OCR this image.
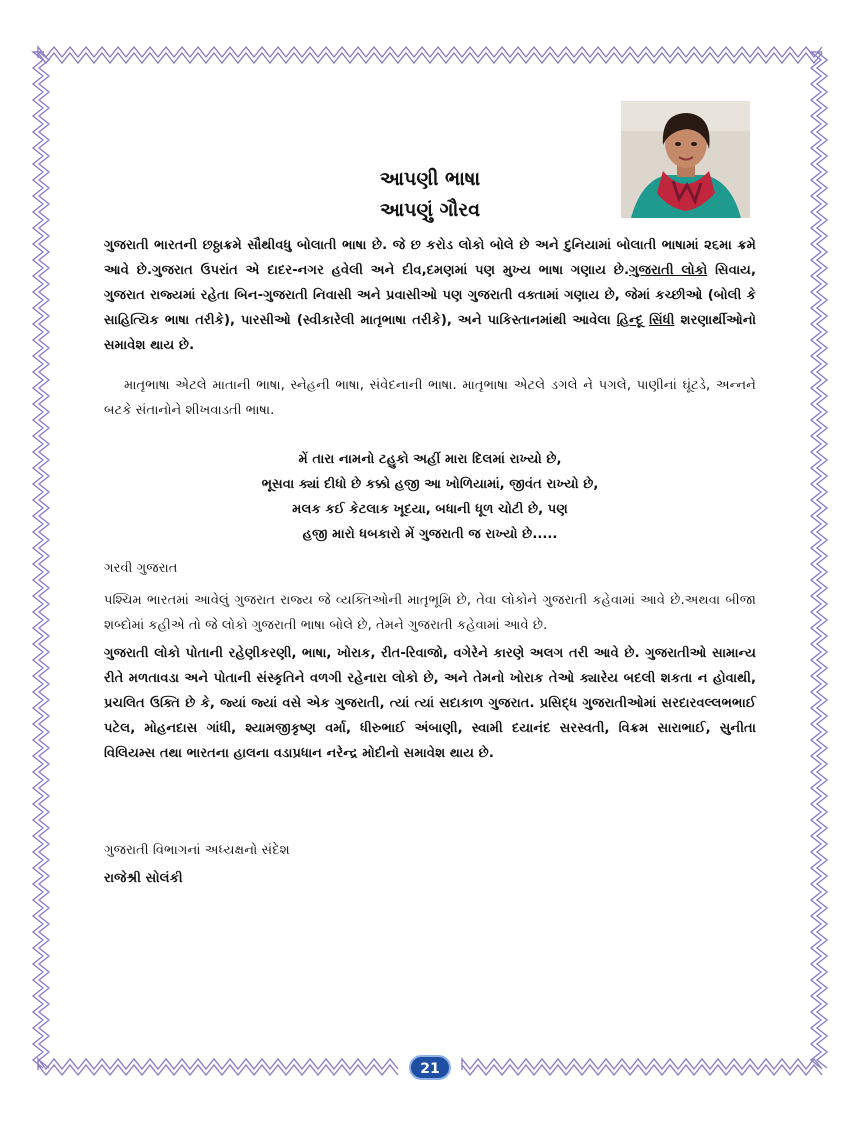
આપણી ભાષા
આપણું ગૌરવ
ગુજરાતી ભારતની છઠ્ઠાક્રમે સૌથીવધુ બોલાતી ભાષા છે. જે છ કરોડ લોકો બોલે છે અને દુનિયામાં બોલાતી ભાષામાં ૨૬મા ક્રમે આવે છે.ગુજરાત ઉપરાંત એ દાદર-નગર હવેલી અને દીવ,દમણમાં પણ મુખ્ય ભાષા ગણાય છે.ગુજરાતી લોકો સિવાય, ગુજરાત રાજ્યમાં રહેતા બિન-ગુજરાતી નિવાસી અને પ્રવાસીઓ પણ ગુજરાતી વક્તામાં ગણાય છે, જેમાં કચ્છીઓ (બોલી કે સાહિત્યિક ભાષા તરીકે), પારસીઓ (સ્વીકારેલી માતૃભાષા તરીકે), અને પાકિસ્તાનમાંથી આવેલા હિન્દૂ સિંધી શરણાર્થીઓનો સમાવેશ થાય છે.
માતૃભાષા એટલે માતાની ભાષા, સ્નેહની ભાષા, સંવેદનાની ભાષા. માતૃભાષા એટલે ડગલે ને પગલે, પાણીનાં ઘૂંટડે, અન્નને બટકે સંતાનોને શીખવાડતી ભાષા.
મેં તારા નામનો ટહુકો અહીં મારા દિલમાં રાખ્યો છે,
ભૂસવા ક્યાં દીધો છે કક્કો હજી આ ખોળિયામાં, જીવંત રાખ્યો છે,
મલક કઈ કેટલાક ખૂદયા, બધાની ધૂળ ચોટી છે, પણ
હજી મારો ધબકારો મેં ગુજરાતી જ રાખ્યો છે.....
ગરવી ગુજરાત
પશ્ચિમ ભારતમાં આવેલું ગુજરાત રાજ્ય જે વ્યક્તિઓની માતૃભૂમિ છે, તેવા લોકોને ગુજરાતી કહેવામાં આવે છે.અથવા બીજા શબ્દોમાં કહીએ તો જે લોકો ગુજરાતી ભાષા બોલે છે, તેમને ગુજરાતી કહેવામાં આવે છે.
ગુજરાતી લોકો પોતાની રહેણીકરણી, ભાષા, ખોરાક, રીત-રિવાજો, વગેરેને કારણે અલગ તરી આવે છે. ગુજરાતીઓ સામાન્ય રીતે મળતાવડા અને પોતાની સંસ્કૃતિને વળગી રહેનારા લોકો છે, અને તેમનો ખોરાક તેઓ ક્યારેય બદલી શકતા ન હોવાથી, પ્રચલિત ઉક્તિ છે કે, જ્યાં જ્યાં વસે એક ગુજરાતી, ત્યાં ત્યાં સદાકાળ ગુજરાત. પ્રસિદ્ધ ગુજરાતીઓમાં સરદારવલ્લભભાઈ પટેલ, મોહનદાસ ગાંધી, શ્યામજીકૃષ્ણ વર્મા, ધીરુભાઈ અંબાણી, સ્વામી દયાનંદ સરસ્વતી, વિક્રમ સારાભાઈ, સુનીતા વિલિયમ્સ તથા ભારતના હાલના વડાપ્રધાન નરેન્દ્ર મોદીનો સમાવેશ થાય છે.
ગુજરાતી વિભાગનાં અધ્યક્ષનો સંદેશ
રાજેશ્રી સોલંકી
21
